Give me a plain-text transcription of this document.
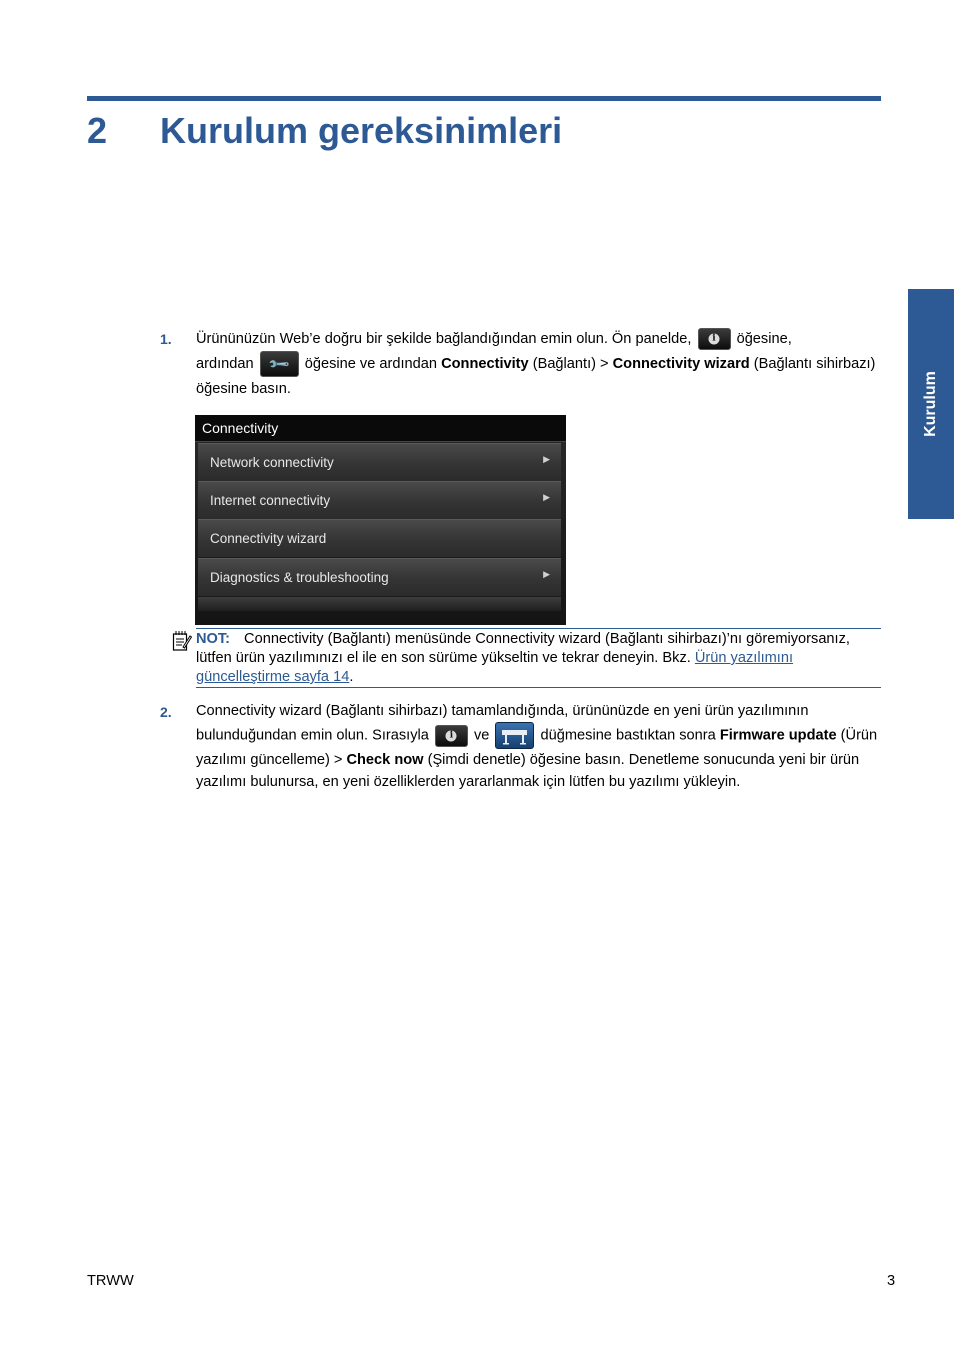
2 Kurulum gereksinimleri
Kurulum
1. Ürününüzün Web’e doğru bir şekilde bağlandığından emin olun. Ön panelde,	i öğesine,
ardından 🔧 öğesine ve ardından Connectivity (Bağlantı) > Connectivity wizard (Bağlantı sihirbazı) öğesine basın.
Connectivity
Network connectivity	▶
Internet connectivity	▶
Connectivity wizard
Diagnostics & troubleshooting	▶
NOT: Connectivity (Bağlantı) menüsünde Connectivity wizard (Bağlantı sihirbazı)’nı göremiyorsanız, lütfen ürün yazılımınızı el ile en son sürüme yükseltin ve tekrar deneyin. Bkz. Ürün yazılımını güncelleştirme sayfa 14.
2. Connectivity wizard (Bağlantı sihirbazı) tamamlandığında, ürününüzde en yeni ürün yazılımının bulunduğundan emin olun. Sırasıyla	i ve	düğmesine bastıktan sonra Firmware update (Ürün yazılımı güncelleme) > Check now (Şimdi denetle) öğesine basın. Denetleme sonucunda yeni bir ürün yazılımı bulunursa, en yeni özelliklerden yararlanmak için lütfen bu yazılımı yükleyin.
TRWW	3
